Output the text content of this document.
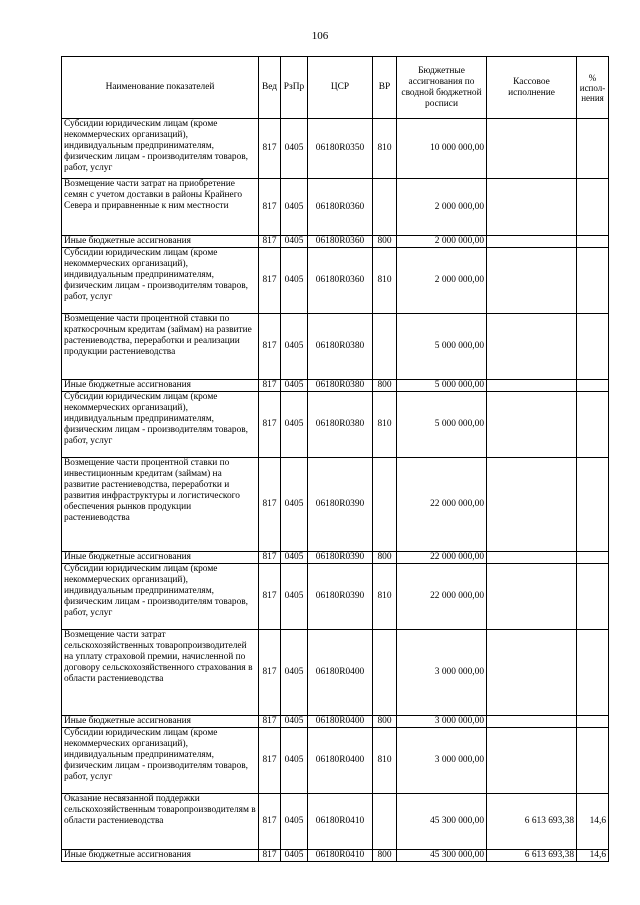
106
Наименование показателей	Вед	РзПр	ЦСР	ВР	Бюджетные ассигнования по сводной бюджетной росписи	Кассовое исполнение	% испол-нения
Субсидии юридическим лицам (кроме некоммерческих организаций), индивидуальным предпринимателям, физическим лицам - производителям товаров, работ, услуг	817	0405	06180R0350	810	10 000 000,00		
Возмещение части затрат на приобретение семян с учетом доставки в районы Крайнего Севера и приравненные к ним местности	817	0405	06180R0360		2 000 000,00		
Иные бюджетные ассигнования	817	0405	06180R0360	800	2 000 000,00		
Субсидии юридическим лицам (кроме некоммерческих организаций), индивидуальным предпринимателям, физическим лицам - производителям товаров, работ, услуг	817	0405	06180R0360	810	2 000 000,00		
Возмещение части процентной ставки по краткосрочным кредитам (займам) на развитие растениеводства, переработки и реализации продукции растениеводства	817	0405	06180R0380		5 000 000,00		
Иные бюджетные ассигнования	817	0405	06180R0380	800	5 000 000,00		
Субсидии юридическим лицам (кроме некоммерческих организаций), индивидуальным предпринимателям, физическим лицам - производителям товаров, работ, услуг	817	0405	06180R0380	810	5 000 000,00		
Возмещение части процентной ставки по инвестиционным кредитам (займам) на развитие растениеводства, переработки и развития инфраструктуры и логистического обеспечения рынков продукции растениеводства	817	0405	06180R0390		22 000 000,00		
Иные бюджетные ассигнования	817	0405	06180R0390	800	22 000 000,00		
Субсидии юридическим лицам (кроме некоммерческих организаций), индивидуальным предпринимателям, физическим лицам - производителям товаров, работ, услуг	817	0405	06180R0390	810	22 000 000,00		
Возмещение части затрат сельскохозяйственных товаропроизводителей на уплату страховой премии, начисленной по договору сельскохозяйственного страхования в области растениеводства	817	0405	06180R0400		3 000 000,00		
Иные бюджетные ассигнования	817	0405	06180R0400	800	3 000 000,00		
Субсидии юридическим лицам (кроме некоммерческих организаций), индивидуальным предпринимателям, физическим лицам - производителям товаров, работ, услуг	817	0405	06180R0400	810	3 000 000,00		
Оказание несвязанной поддержки сельскохозяйственным товаропроизводителям в области растениеводства	817	0405	06180R0410		45 300 000,00	6 613 693,38	14,6
Иные бюджетные ассигнования	817	0405	06180R0410	800	45 300 000,00	6 613 693,38	14,6
